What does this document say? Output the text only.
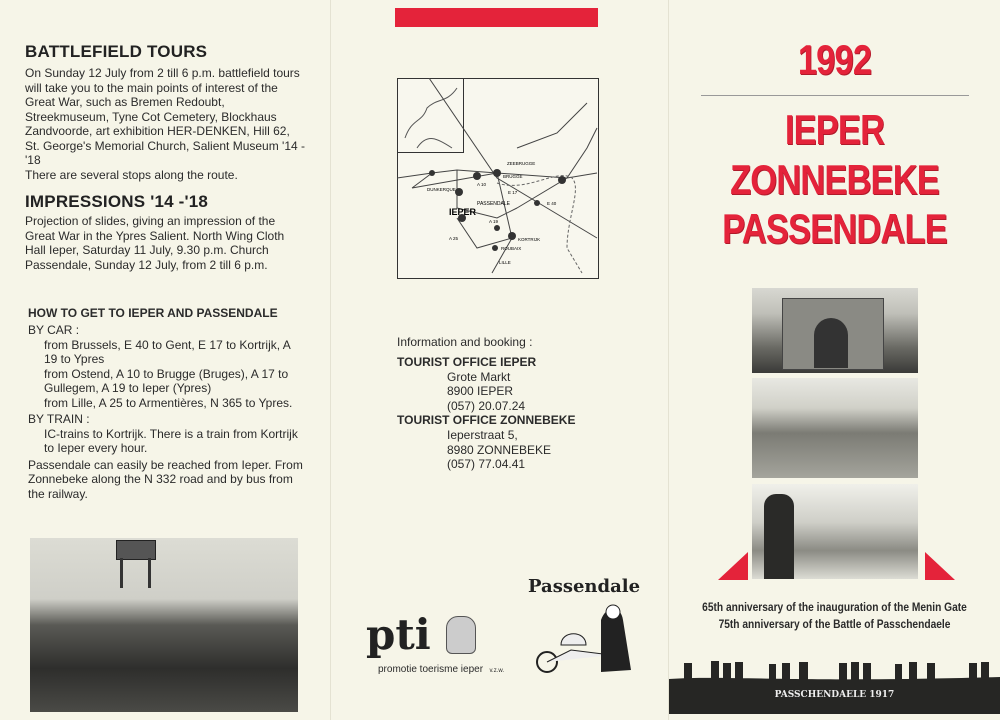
BATTLEFIELD TOURS

On Sunday 12 July from 2 till 6 p.m. battlefield tours will take you to the main points of interest of the Great War, such as Bremen Redoubt, Streekmuseum, Tyne Cot Cemetery, Blockhaus Zandvoorde, art exhibition HER-DENKEN, Hill 62, St. George's Memorial Church, Salient Museum '14 - '18

There are several stops along the route.

IMPRESSIONS '14 -'18

Projection of slides, giving an impression of the Great War in the Ypres Salient. North Wing Cloth Hall Ieper, Saturday 11 July, 9.30 p.m. Church Passendale, Sunday 12 July, from 2 till 6 p.m.

HOW TO GET TO IEPER AND PASSENDALE

BY CAR :

from Brussels, E 40 to Gent, E 17 to Kortrijk, A 19 to Ypres

from Ostend, A 10 to Brugge (Bruges), A 17 to Gullegem, A 19 to Ieper (Ypres)

from Lille, A 25 to Armentières, N 365 to Ypres.

BY TRAIN :

IC-trains to Kortrijk. There is a train from Kortrijk to Ieper every hour.

Passendale can easily be reached from Ieper. From Zonnebeke along the N 332 road and by bus from the railway.

IEPER
PASSENDALE
BRUGGE
ZEEBRUGGE
KORTRIJK
LILLE
ROUBAIX
DUNKERQUE
A 19
E 17
A 10
E 40
A 25

Information and booking :

TOURIST OFFICE IEPER

Grote Markt

8900 IEPER

(057) 20.07.24

TOURIST OFFICE ZONNEBEKE

Ieperstraat 5,

8980 ZONNEBEKE

(057) 77.04.41

pti
promotie toerisme ieper v.z.w.
Passendale
1992
IEPER
ZONNEBEKE
PASSENDALE
65th anniversary of the inauguration of the Menin Gate
75th anniversary of the Battle of Passchendaele
PASSCHENDAELE 1917
